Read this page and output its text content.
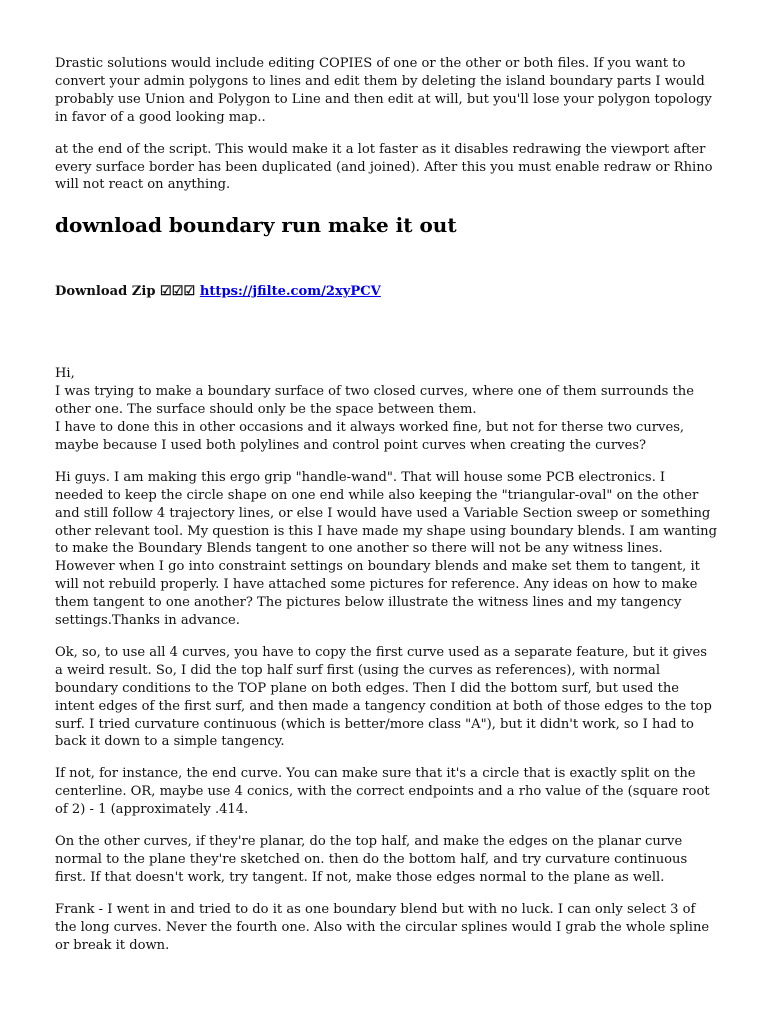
Drastic solutions would include editing COPIES of one or the other or both files. If you want to convert your admin polygons to lines and edit them by deleting the island boundary parts I would probably use Union and Polygon to Line and then edit at will, but you'll lose your polygon topology in favor of a good looking map..

at the end of the script. This would make it a lot faster as it disables redrawing the viewport after every surface border has been duplicated (and joined). After this you must enable redraw or Rhino will not react on anything.

download boundary run make it out
Download Zip ☑☑☑ https://jfilte.com/2xyPCV
Hi,
I was trying to make a boundary surface of two closed curves, where one of them surrounds the other one. The surface should only be the space between them.
I have to done this in other occasions and it always worked fine, but not for therse two curves, maybe because I used both polylines and control point curves when creating the curves?

Hi guys. I am making this ergo grip "handle-wand". That will house some PCB electronics. I needed to keep the circle shape on one end while also keeping the "triangular-oval" on the other and still follow 4 trajectory lines, or else I would have used a Variable Section sweep or something other relevant tool. My question is this I have made my shape using boundary blends. I am wanting to make the Boundary Blends tangent to one another so there will not be any witness lines. However when I go into constraint settings on boundary blends and make set them to tangent, it will not rebuild properly. I have attached some pictures for reference. Any ideas on how to make them tangent to one another? The pictures below illustrate the witness lines and my tangency settings.Thanks in advance.

Ok, so, to use all 4 curves, you have to copy the first curve used as a separate feature, but it gives a weird result. So, I did the top half surf first (using the curves as references), with normal boundary conditions to the TOP plane on both edges. Then I did the bottom surf, but used the intent edges of the first surf, and then made a tangency condition at both of those edges to the top surf. I tried curvature continuous (which is better/more class "A"), but it didn't work, so I had to back it down to a simple tangency.

If not, for instance, the end curve. You can make sure that it's a circle that is exactly split on the centerline. OR, maybe use 4 conics, with the correct endpoints and a rho value of the (square root of 2) - 1 (approximately .414.

On the other curves, if they're planar, do the top half, and make the edges on the planar curve normal to the plane they're sketched on. then do the bottom half, and try curvature continuous first. If that doesn't work, try tangent. If not, make those edges normal to the plane as well.

Frank - I went in and tried to do it as one boundary blend but with no luck. I can only select 3 of the long curves. Never the fourth one. Also with the circular splines would I grab the whole spline or break it down.
